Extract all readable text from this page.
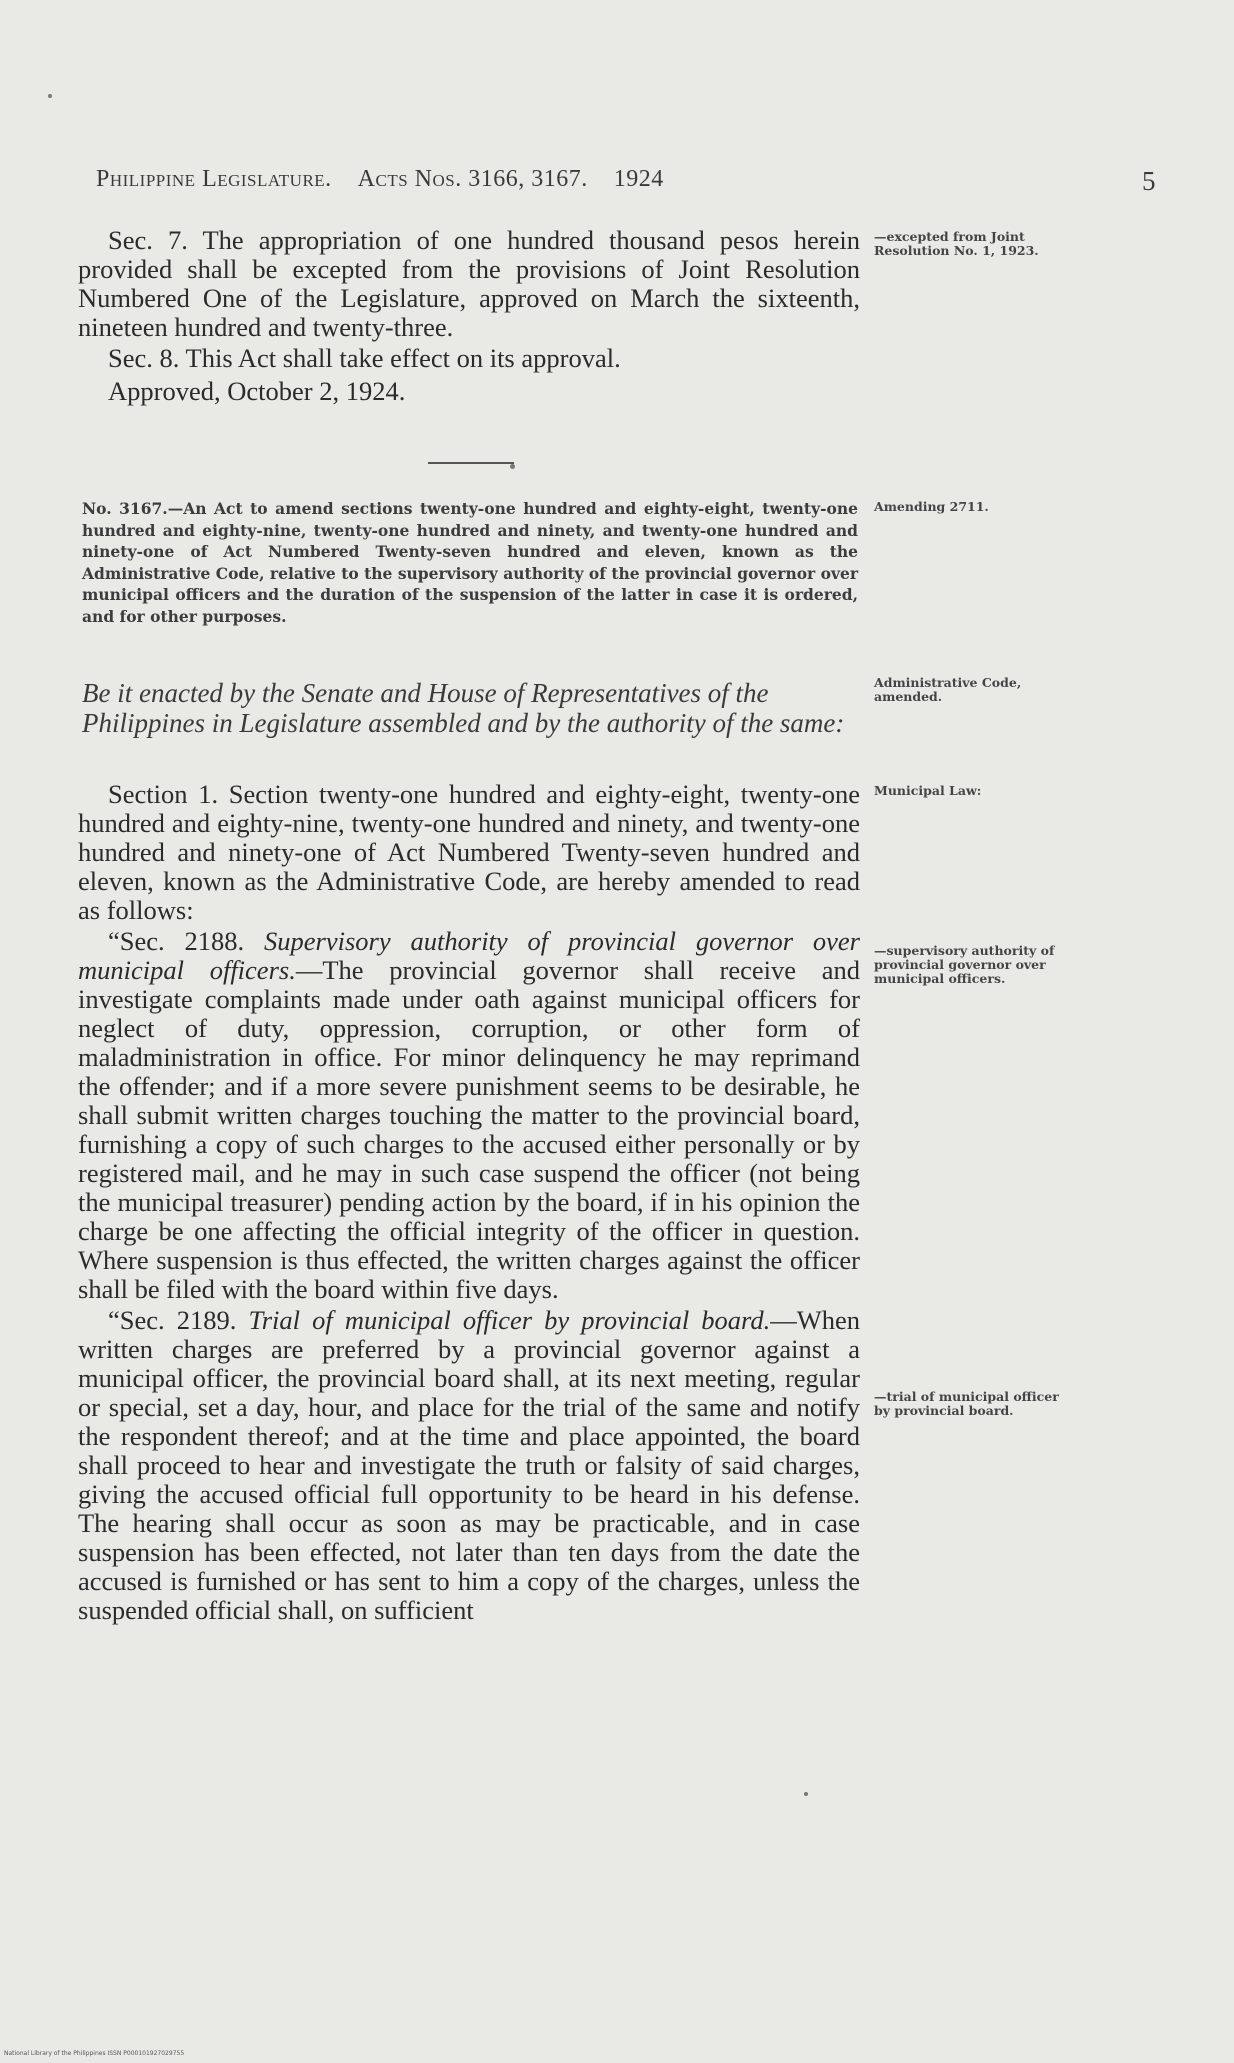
Philippine Legislature. Acts Nos. 3166, 3167. 1924	5

Sec. 7. The appropriation of one hundred thousand pesos herein provided shall be excepted from the provisions of Joint Resolution Numbered One of the Legislature, approved on March the sixteenth, nineteen hundred and twenty-three.

Sec. 8. This Act shall take effect on its approval.

Approved, October 2, 1924.

—excepted from Joint Resolution No. 1, 1923.
No. 3167.—An Act to amend sections twenty-one hundred and eighty-eight, twenty-one hundred and eighty-nine, twenty-one hundred and ninety, and twenty-one hundred and ninety-one of Act Numbered Twenty-seven hundred and eleven, known as the Administrative Code, relative to the supervisory authority of the provincial governor over municipal officers and the duration of the suspension of the latter in case it is ordered, and for other purposes.
Amending 2711.
Be it enacted by the Senate and House of Representatives of the Philippines in Legislature assembled and by the authority of the same:
Administrative Code, amended.

Section 1. Section twenty-one hundred and eighty-eight, twenty-one hundred and eighty-nine, twenty-one hundred and ninety, and twenty-one hundred and ninety-one of Act Numbered Twenty-seven hundred and eleven, known as the Administrative Code, are hereby amended to read as follows:

“Sec. 2188. Supervisory authority of provincial governor over municipal officers.—The provincial governor shall receive and investigate complaints made under oath against municipal officers for neglect of duty, oppression, corruption, or other form of maladministration in office. For minor delinquency he may reprimand the offender; and if a more severe punishment seems to be desirable, he shall submit written charges touching the matter to the provincial board, furnishing a copy of such charges to the accused either personally or by registered mail, and he may in such case suspend the officer (not being the municipal treasurer) pending action by the board, if in his opinion the charge be one affecting the official integrity of the officer in question. Where suspension is thus effected, the written charges against the officer shall be filed with the board within five days.

“Sec. 2189. Trial of municipal officer by provincial board.—When written charges are preferred by a provincial governor against a municipal officer, the provincial board shall, at its next meeting, regular or special, set a day, hour, and place for the trial of the same and notify the respondent thereof; and at the time and place appointed, the board shall proceed to hear and investigate the truth or falsity of said charges, giving the accused official full opportunity to be heard in his defense. The hearing shall occur as soon as may be practicable, and in case suspension has been effected, not later than ten days from the date the accused is furnished or has sent to him a copy of the charges, unless the suspended official shall, on sufficient

Municipal Law:
—supervisory authority of provincial governor over municipal officers.
—trial of municipal officer by provincial board.
National Library of the Philippines ISSN P000101927029755
